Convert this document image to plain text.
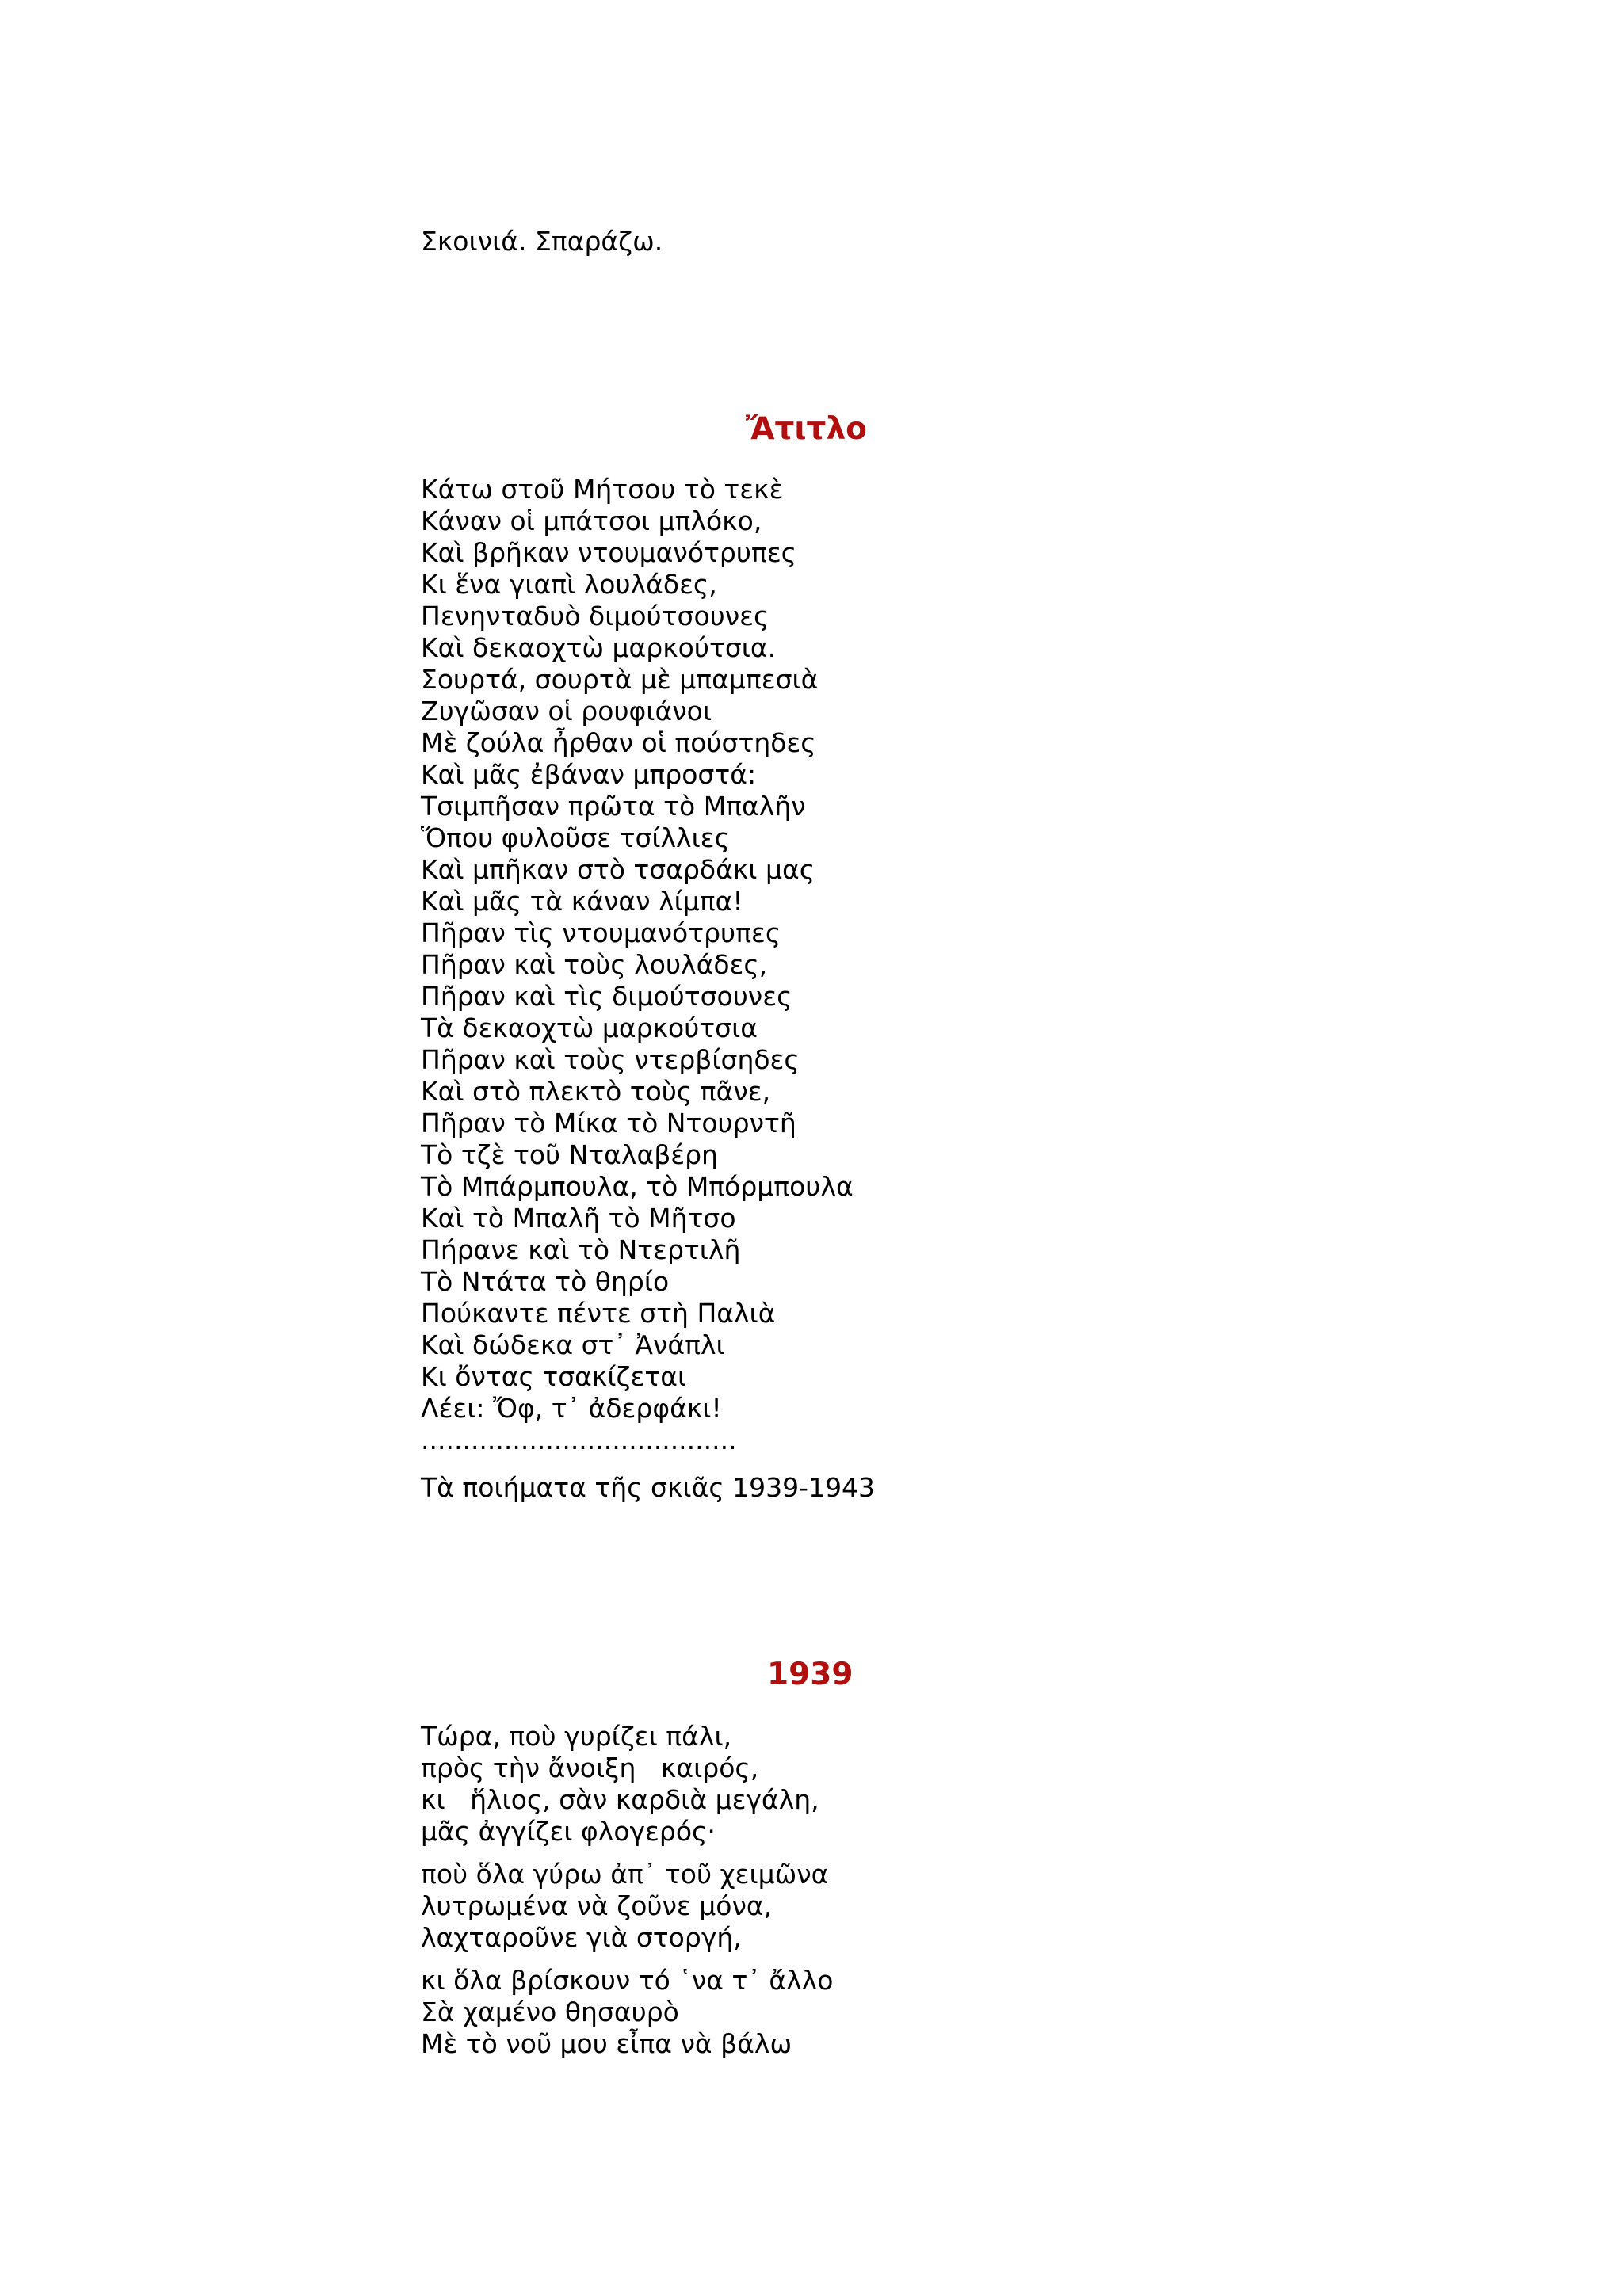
Σκοινιά. Σπαράζω.

Ἄτιτλο

Κάτω στοῦ Μήτσου τὸ τεκὲ

Κάναν οἱ μπάτσοι μπλόκο,

Καὶ βρῆκαν ντουμανότρυπες

Κι ἕνα γιαπὶ λουλάδες,

Πενηνταδυὸ διμούτσουνες

Καὶ δεκαοχτὼ μαρκούτσια.

Σουρτά, σουρτὰ μὲ μπαμπεσιὰ

Ζυγῶσαν οἱ ρουφιάνοι

Μὲ ζούλα ἦρθαν οἱ πούστηδες

Καὶ μᾶς ἐβάναν μπροστά:

Τσιμπῆσαν πρῶτα τὸ Μπαλῆν

Ὅπου φυλοῦσε τσίλλιες

Καὶ μπῆκαν στὸ τσαρδάκι μας

Καὶ μᾶς τὰ κάναν λίμπα!

Πῆραν τὶς ντουμανότρυπες

Πῆραν καὶ τοὺς λουλάδες,

Πῆραν καὶ τὶς διμούτσουνες

Τὰ δεκαοχτὼ μαρκούτσια

Πῆραν καὶ τοὺς ντερβίσηδες

Καὶ στὸ πλεκτὸ τοὺς πᾶνε,

Πῆραν τὸ Μίκα τὸ Ντουρντῆ

Τὸ τζὲ τοῦ Νταλαβέρη

Τὸ Μπάρμπουλα, τὸ Μπόρμπουλα

Καὶ τὸ Μπαλῆ τὸ Μῆτσο

Πήρανε καὶ τὸ Ντερτιλῆ

Τὸ Ντάτα τὸ θηρίο

Πούκαντε πέντε στὴ Παλιὰ

Καὶ δώδεκα στ᾽ Ἀνάπλι

Κι ὄντας τσακίζεται

Λέει: Ὄφ, τ᾽ ἀδερφάκι!

......................................

Τὰ ποιήματα τῆς σκιᾶς 1939-1943

1939

Τώρα, ποὺ γυρίζει πάλι,

πρὸς τὴν ἄνοιξη   καιρός,

κι   ἥλιος, σὰν καρδιὰ μεγάλη,

μᾶς ἀγγίζει φλογερός·

ποὺ ὅλα γύρω ἀπ᾽ τοῦ χειμῶνα

λυτρωμένα νὰ ζοῦνε μόνα,

λαχταροῦνε γιὰ στοργή,

κι ὅλα βρίσκουν τό ῾να τ᾽ ἄλλο

Σὰ χαμένο θησαυρὸ

Μὲ τὸ νοῦ μου εἶπα νὰ βάλω
